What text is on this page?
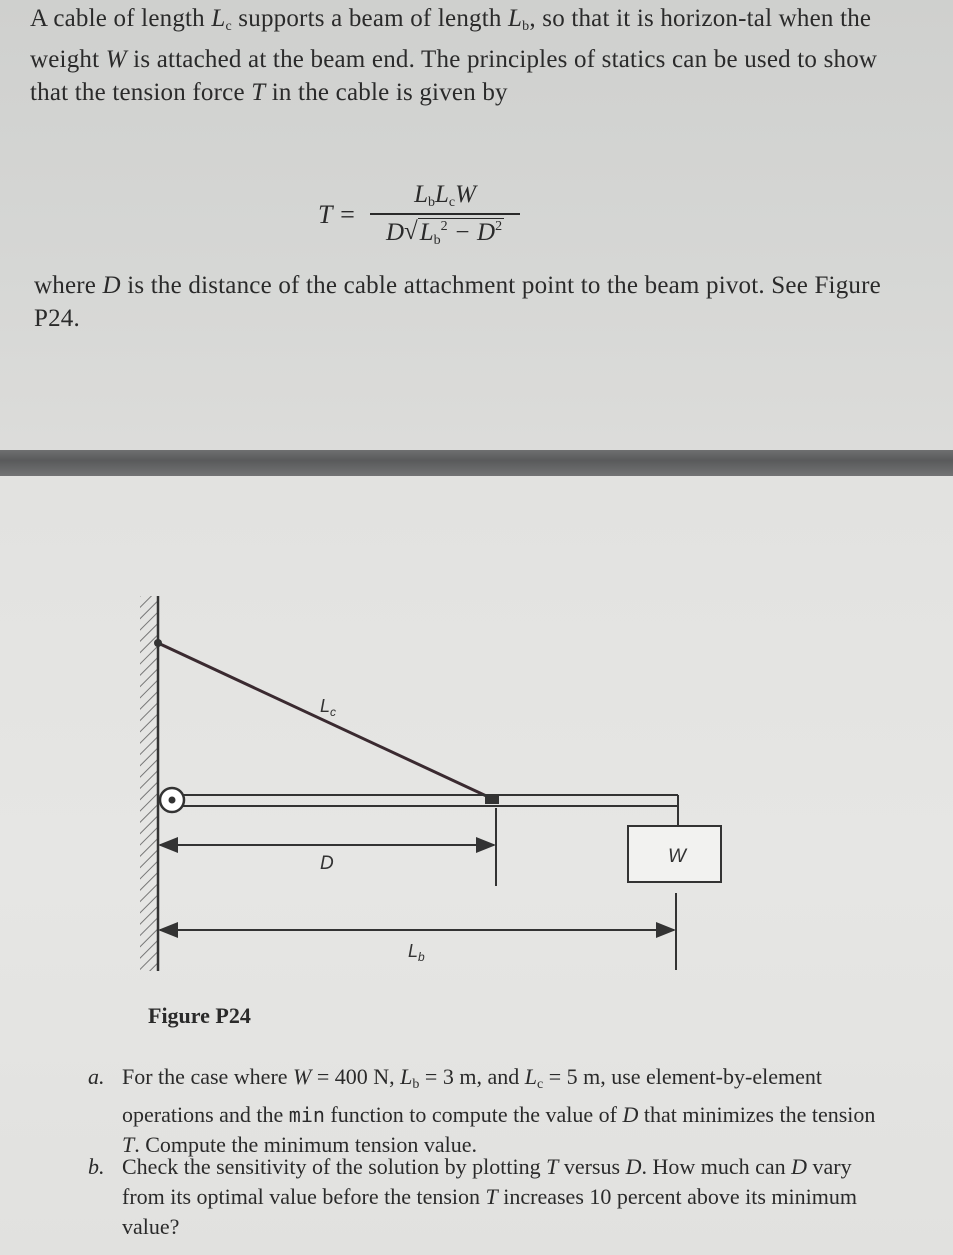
A cable of length $L_c$ supports a beam of length $L_b$, so that it is horizon-tal when the weight W is attached at the beam end. The principles of statics can be used to show that the tension force T in the cable is given by
$T = \frac{L_bL_cW}{D √ L_b^2 - D^2}$
where D is the distance of the cable attachment point to the beam pivot. See Figure P24.
W
D
$L_b$
$L_c$
Figure P24
a. For the case where W = 400 N, $L_b = 3$ m, and $L_c = 5$ m, use element-by-element operations and the min function to compute the value of D that minimizes the tension T. Compute the minimum tension value.
b. Check the sensitivity of the solution by plotting T versus D. How much can D vary from its optimal value before the tension T increases 10 percent above its minimum value?
